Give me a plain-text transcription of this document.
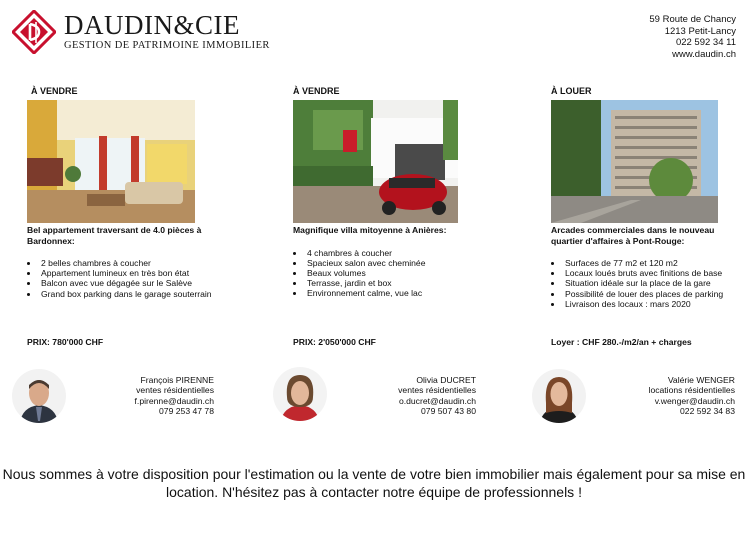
DAUDIN&CIE
GESTION DE PATRIMOINE IMMOBILIER
59 Route de Chancy
1213 Petit-Lancy
022 592 34 11
www.daudin.ch
À VENDRE
Bel appartement traversant de 4.0 pièces à Bardonnex:
• 2 belles chambres à coucher
• Appartement lumineux en très bon état
• Balcon avec vue dégagée sur le Salève
• Grand box parking dans le garage souterrain
PRIX: 780'000 CHF
À VENDRE
Magnifique villa mitoyenne à Anières:
• 4 chambres à coucher
• Spacieux salon avec cheminée
• Beaux volumes
• Terrasse, jardin et box
• Environnement calme, vue lac
PRIX: 2'050'000 CHF
À LOUER
Arcades commerciales dans le nouveau quartier d'affaires à Pont-Rouge:
• Surfaces de 77 m2 et 120 m2
• Locaux loués bruts avec finitions de base
• Situation idéale sur la place de la gare
• Possibilité de louer des places de parking
• Livraison des locaux : mars 2020
Loyer : CHF 280.-/m2/an + charges
François PIRENNE
ventes résidentielles
f.pirenne@daudin.ch
079 253 47 78
Olivia DUCRET
ventes résidentielles
o.ducret@daudin.ch
079 507 43 80
Valérie WENGER
locations résidentielles
v.wenger@daudin.ch
022 592 34 83
Nous sommes à votre disposition pour l'estimation ou la vente de votre bien immobilier mais également pour sa mise en location. N'hésitez pas à contacter notre équipe de professionnels !
